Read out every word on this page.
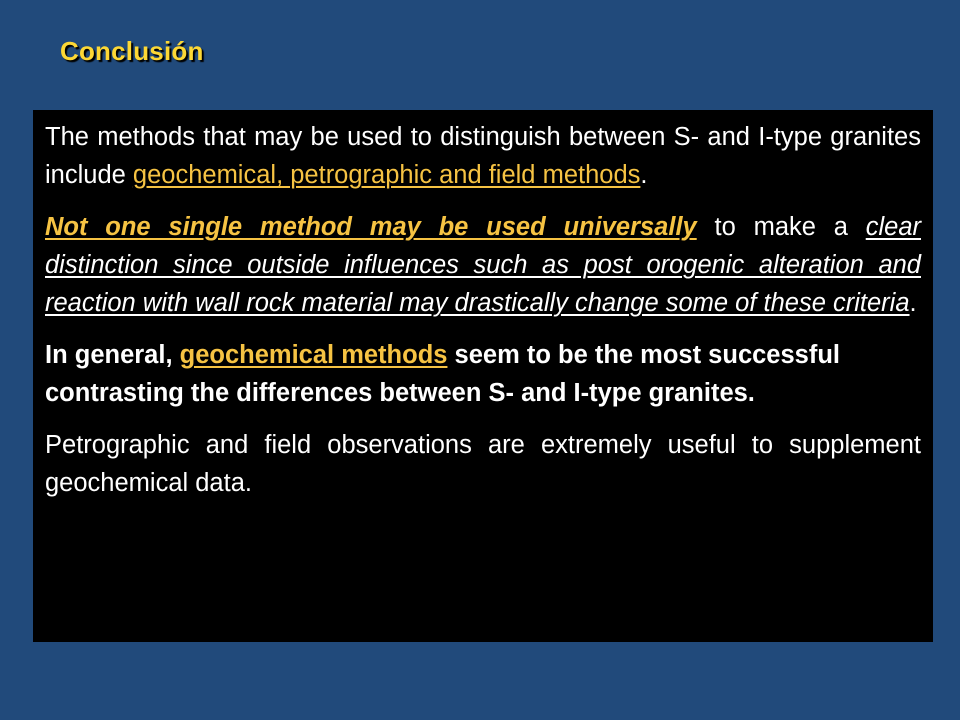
Conclusión

The methods that may be used to distinguish between S- and I-type granites include geochemical, petrographic and field methods.

Not one single method may be used universally to make a clear distinction since outside influences such as post orogenic alteration and reaction with wall rock material may drastically change some of these criteria.

In general, geochemical methods seem to be the most successful contrasting the differences between S- and I-type granites.

Petrographic and field observations are extremely useful to supplement geochemical data.
